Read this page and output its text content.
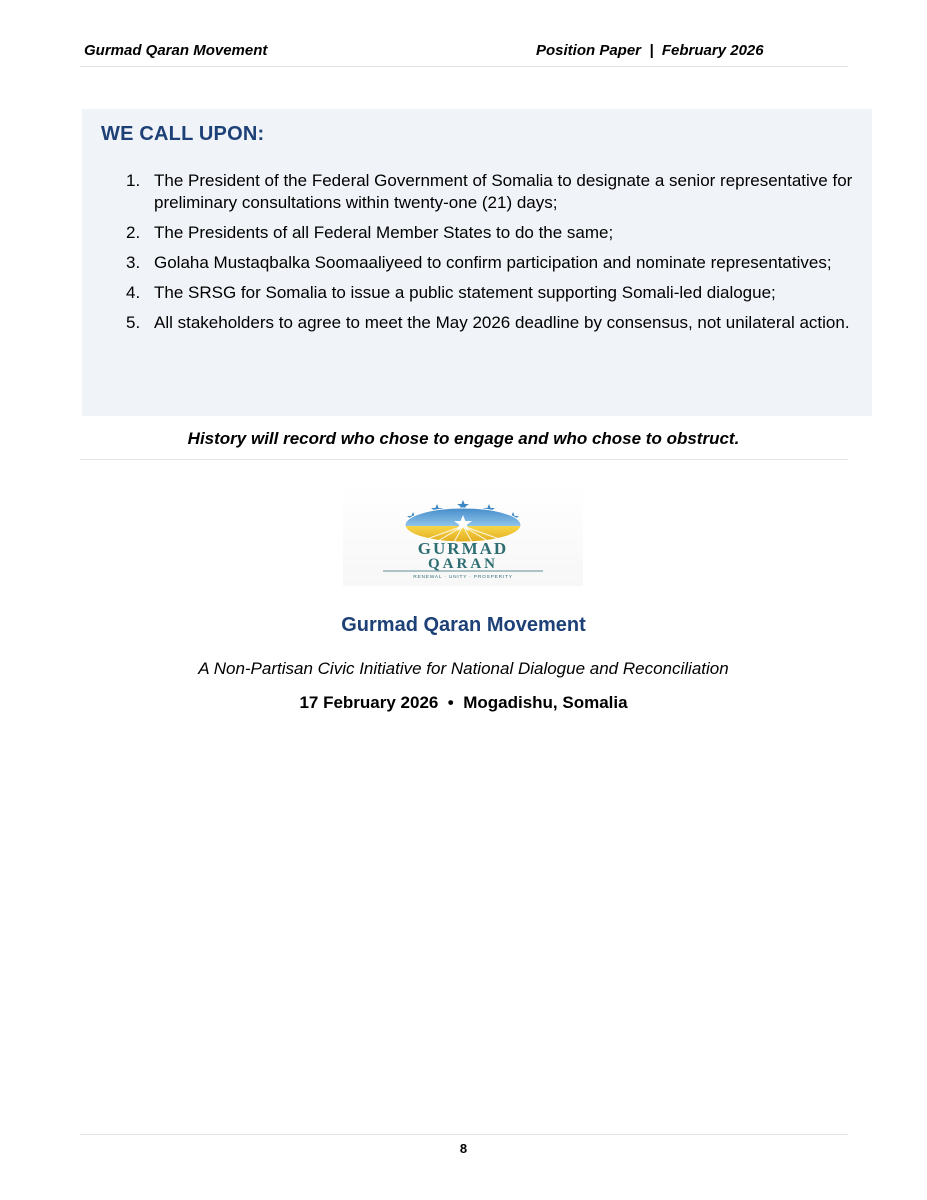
Gurmad Qaran Movement	Position Paper  |  February 2026
WE CALL UPON:
1. The President of the Federal Government of Somalia to designate a senior representative for preliminary consultations within twenty-one (21) days;
2. The Presidents of all Federal Member States to do the same;
3. Golaha Mustaqbalka Soomaaliyeed to confirm participation and nominate representatives;
4. The SRSG for Somalia to issue a public statement supporting Somali-led dialogue;
5. All stakeholders to agree to meet the May 2026 deadline by consensus, not unilateral action.
History will record who chose to engage and who chose to obstruct.
GURMAD
QARAN
RENEWAL · UNITY · PROSPERITY
Gurmad Qaran Movement
A Non-Partisan Civic Initiative for National Dialogue and Reconciliation
17 February 2026  •  Mogadishu, Somalia
8
